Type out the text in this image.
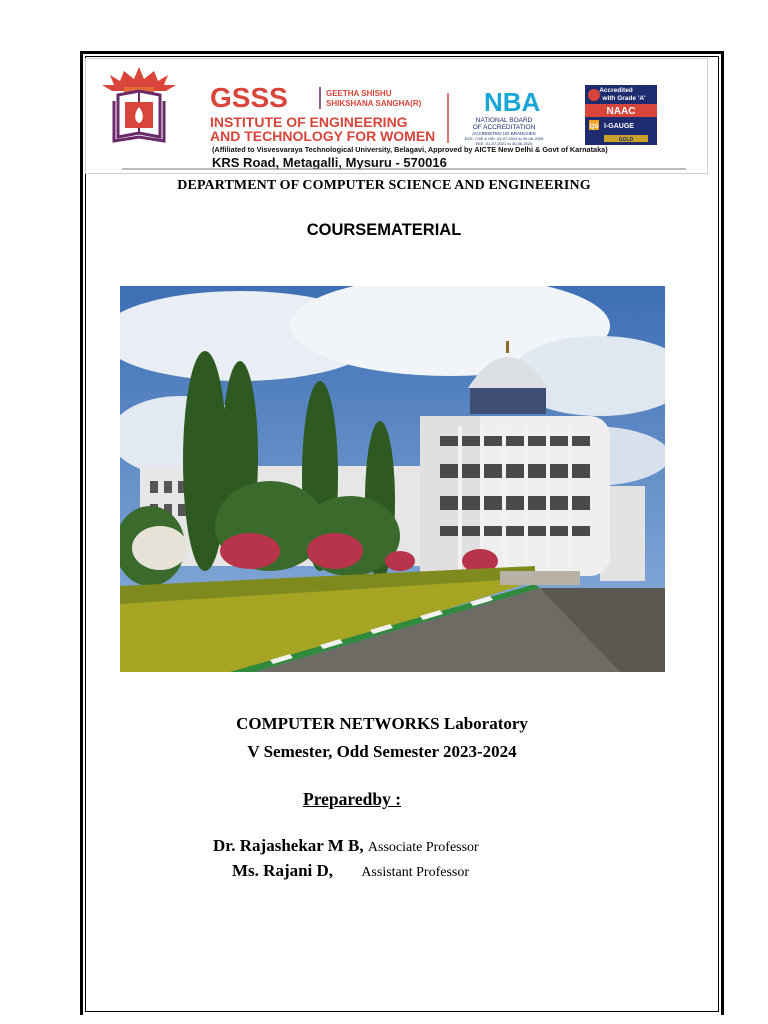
GSSS	GEETHA SHISHU
SHIKSHANA SANGHA(R)
INSTITUTE OF ENGINEERING
AND TECHNOLOGY FOR WOMEN
NBA
NATIONAL BOARD
OF ACCREDITATION
ACCREDITED UG BRANCHES
ECE, CSE & ISE: 01-07-2023 to 30-06-2026
EEE: 01-07-2021 to 30-06-2024
Accredited
with Grade 'A'
NAAC
QS I-GAUGE
GOLD
(Affiliated to Visvesvaraya Technological University, Belagavi, Approved by AICTE New Delhi & Govt of Karnataka)
KRS Road, Metagalli, Mysuru - 570016
DEPARTMENT OF COMPUTER SCIENCE AND ENGINEERING
COURSEMATERIAL
COMPUTER NETWORKS Laboratory
V Semester, Odd Semester 2023-2024
Preparedby :
Dr. Rajashekar M B, Associate Professor
Ms. Rajani D, Assistant Professor
